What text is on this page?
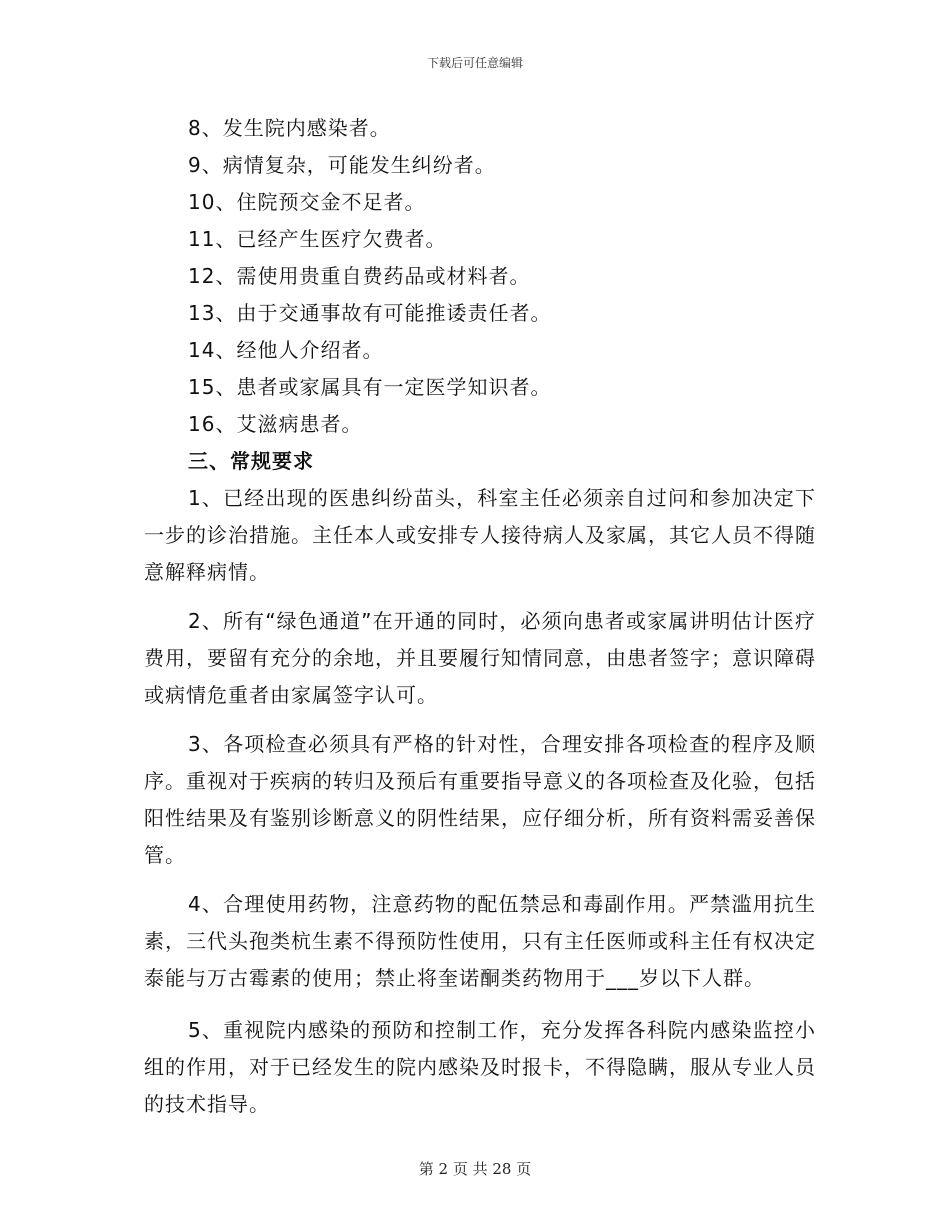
下载后可任意编辑
8、发生院内感染者。
9、病情复杂，可能发生纠纷者。
10、住院预交金不足者。
11、已经产生医疗欠费者。
12、需使用贵重自费药品或材料者。
13、由于交通事故有可能推诿责任者。
14、经他人介绍者。
15、患者或家属具有一定医学知识者。
16、艾滋病患者。
三、常规要求

1、已经出现的医患纠纷苗头，科室主任必须亲自过问和参加决定下一步的诊治措施。主任本人或安排专人接待病人及家属，其它人员不得随意解释病情。

2、所有“绿色通道”在开通的同时，必须向患者或家属讲明估计医疗费用，要留有充分的余地，并且要履行知情同意，由患者签字；意识障碍或病情危重者由家属签字认可。

3、各项检查必须具有严格的针对性，合理安排各项检查的程序及顺序。重视对于疾病的转归及预后有重要指导意义的各项检查及化验，包括阳性结果及有鉴别诊断意义的阴性结果，应仔细分析，所有资料需妥善保管。

4、合理使用药物，注意药物的配伍禁忌和毒副作用。严禁滥用抗生素，三代头孢类杭生素不得预防性使用，只有主任医师或科主任有权决定泰能与万古霉素的使用；禁止将奎诺酮类药物用于___岁以下人群。

5、重视院内感染的预防和控制工作，充分发挥各科院内感染监控小组的作用，对于已经发生的院内感染及时报卡，不得隐瞒，服从专业人员的技术指导。

第 2 页 共 28 页
